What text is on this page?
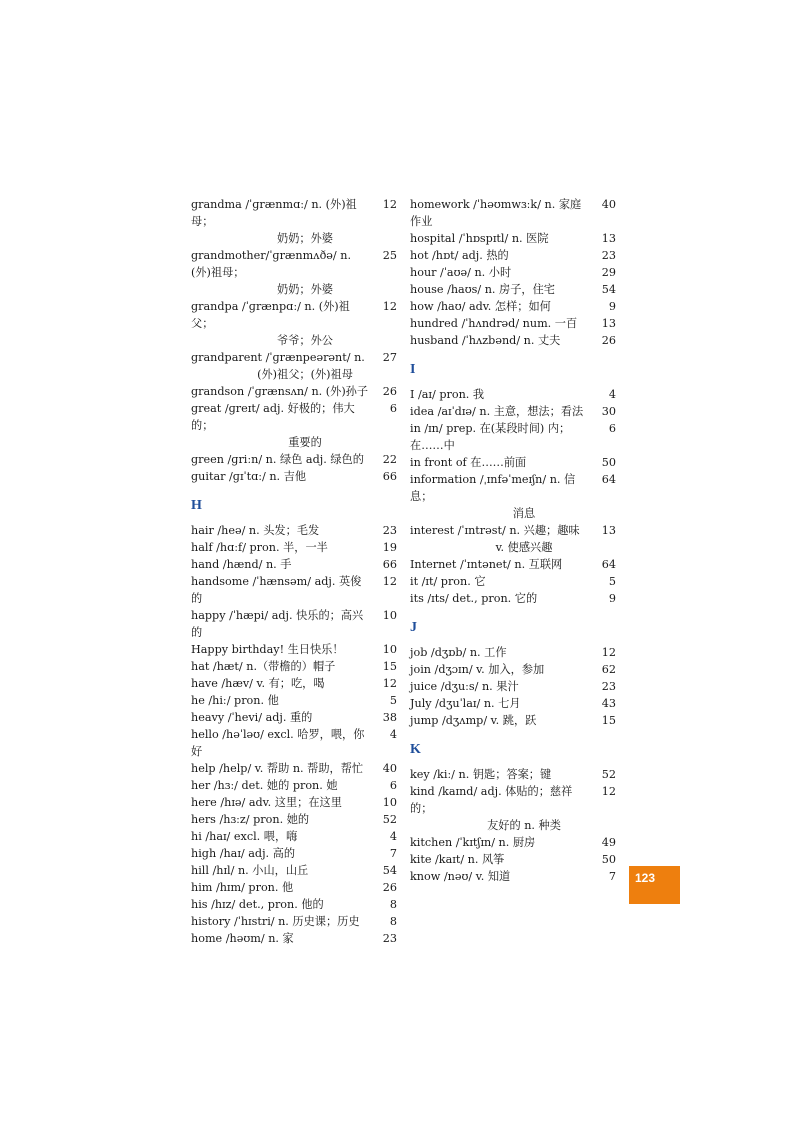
grandma /ˈɡrænmɑː/ n. (外)祖母；
奶奶；外婆
12
grandmother/ˈɡrænmʌðə/ n. (外)祖母；
奶奶；外婆
25
grandpa /ˈɡrænpɑː/ n. (外)祖父；
爷爷；外公
12
grandparent /ˈɡrænpeərənt/ n.
(外)祖父；(外)祖母
27
grandson /ˈɡrænsʌn/ n. (外)孙子	26
great /ɡreɪt/ adj. 好极的；伟大的；
重要的
6
green /ɡriːn/ n. 绿色 adj. 绿色的	22
guitar /ɡɪˈtɑː/ n. 吉他	66
H
hair /heə/ n. 头发；毛发	23
half /hɑːf/ pron. 半，一半	19
hand /hænd/ n. 手	66
handsome /ˈhænsəm/ adj. 英俊的
12
happy /ˈhæpi/ adj. 快乐的；高兴的
10
Happy birthday! 生日快乐！	10
hat /hæt/ n.（带檐的）帽子	15
have /hæv/ v. 有；吃，喝	12
he /hiː/ pron. 他	5
heavy /ˈhevi/ adj. 重的	38
hello /həˈləʊ/ excl. 哈罗，喂，你好
4
help /help/ v. 帮助 n. 帮助，帮忙	40
her /hɜː/ det. 她的 pron. 她	6
here /hɪə/ adv. 这里；在这里	10
hers /hɜːz/ pron. 她的	52
hi /haɪ/ excl. 喂，嗨	4
high /haɪ/ adj. 高的	7
hill /hɪl/ n. 小山，山丘	54
him /hɪm/ pron. 他	26
his /hɪz/ det., pron. 他的	8
history /ˈhɪstri/ n. 历史课；历史	8
home /həʊm/ n. 家	23
homework /ˈhəʊmwɜːk/ n. 家庭作业
40
hospital /ˈhɒspɪtl/ n. 医院	13
hot /hɒt/ adj. 热的	23
hour /ˈaʊə/ n. 小时	29
house /haʊs/ n. 房子，住宅	54
how /haʊ/ adv. 怎样；如何	9
hundred /ˈhʌndrəd/ num. 一百	13
husband /ˈhʌzbənd/ n. 丈夫	26
I
I /aɪ/ pron. 我	4
idea /aɪˈdɪə/ n. 主意，想法；看法	30
in /ɪn/ prep. 在(某段时间) 内；在……中
6
in front of 在……前面	50
information /ˌɪnfəˈmeɪʃn/ n. 信息；
消息
64
interest /ˈɪntrəst/ n. 兴趣；趣味
v. 使感兴趣
13
Internet /ˈɪntənet/ n. 互联网	64
it /ɪt/ pron. 它	5
its /ɪts/ det., pron. 它的	9
J
job /dʒɒb/ n. 工作	12
join /dʒɔɪn/ v. 加入，参加	62
juice /dʒuːs/ n. 果汁	23
July /dʒuˈlaɪ/ n. 七月	43
jump /dʒʌmp/ v. 跳，跃	15
K
key /kiː/ n. 钥匙；答案；键	52
kind /kaɪnd/ adj. 体贴的；慈祥的；
友好的 n. 种类
12
kitchen /ˈkɪtʃɪn/ n. 厨房	49
kite /kaɪt/ n. 风筝	50
know /nəʊ/ v. 知道	7 123
